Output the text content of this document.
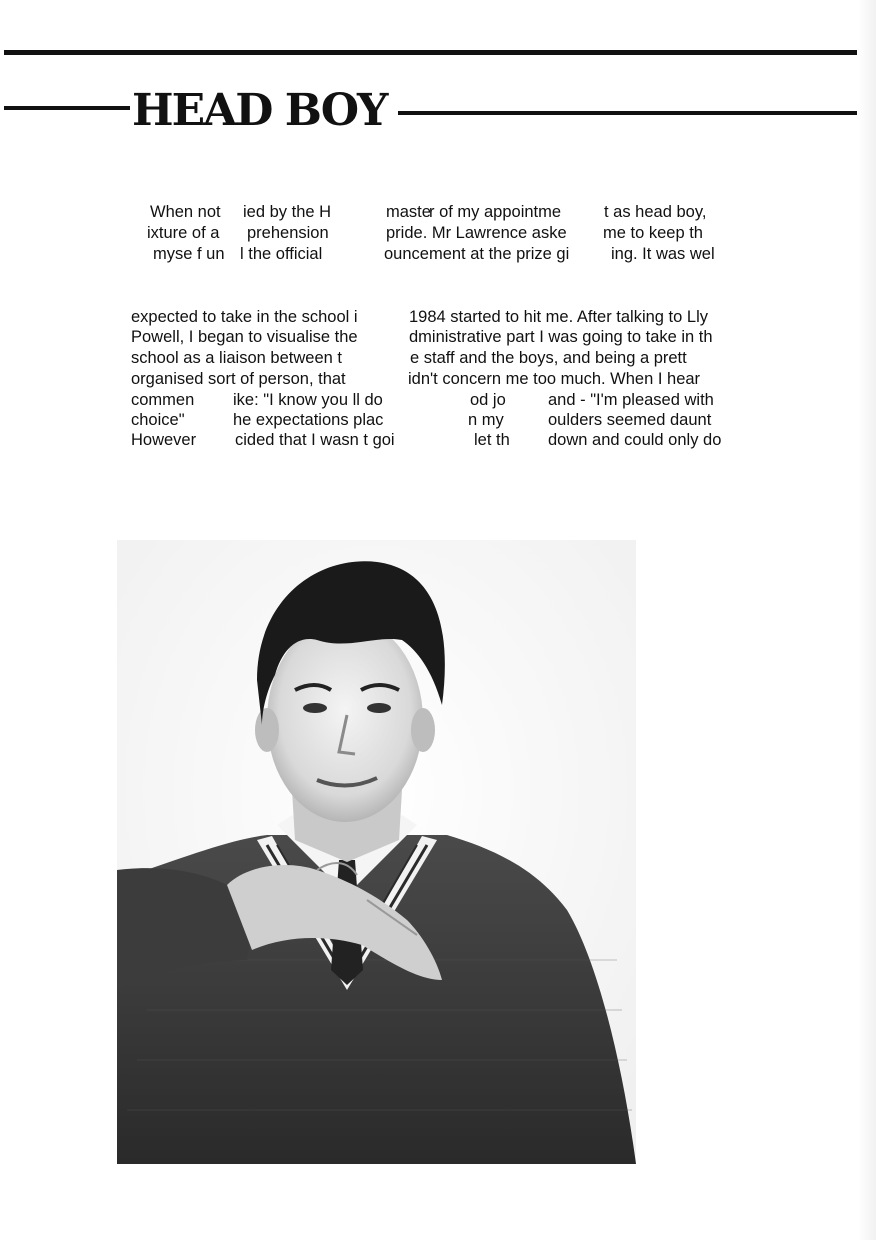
HEAD BOY
When not ied by the H	maste
r of my appointme	t as head boy,
ixture of a prehension	pride. Mr Lawrence aske me to keep th
myse f un l the official	ouncement at the prize gi	ing. It was wel
expected to take in the school i	1984 started to hit me. After talking to Lly
Powell, I began to visualise the	dministrative part I was going to take in th
school as a liaison between t	e staff and the boys, and being a prett
organised sort of person, that	idn't concern me too much. When I hear
commen ike: "I know you ll do	od jo	and - "I'm pleased with
choice"	he expectations plac	n my	oulders seemed daunt
However cided that I wasn t goi	let th down and could only do
